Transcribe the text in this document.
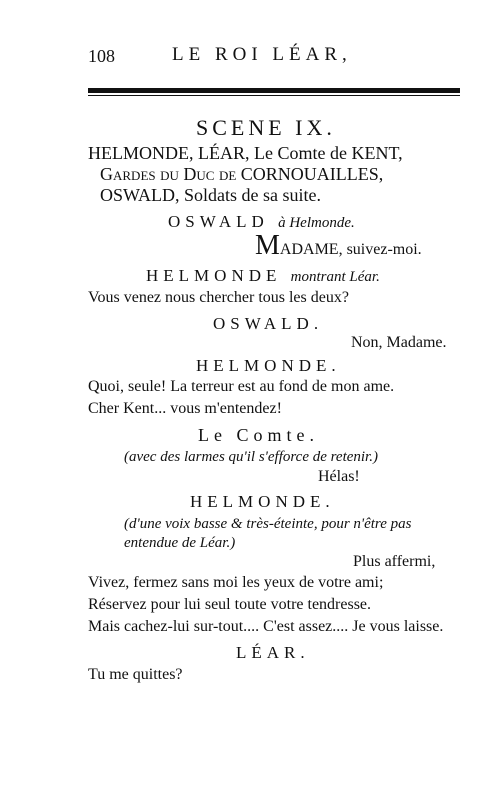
108	LE ROI LÉAR,
SCENE IX.
HELMONDE, LÉAR, Le Comte de KENT,
Gardes du Duc de CORNOUAILLES,
OSWALD, Soldats de sa suite.
OSWALD à Helmonde.
MADAME, suivez-moi.
HELMONDE montrant Léar.
Vous venez nous chercher tous les deux?
OSWALD.
Non, Madame.
HELMONDE.
Quoi, seule! La terreur est au fond de mon ame.
Cher Kent... vous m'entendez!
Le Comte.
(avec des larmes qu'il s'efforce de retenir.)
Hélas!
HELMONDE.
(d'une voix basse & très-éteinte, pour n'être pas
entendue de Léar.)
Plus affermi,
Vivez, fermez sans moi les yeux de votre ami;
Réservez pour lui seul toute votre tendresse.
Mais cachez-lui sur-tout.... C'est assez.... Je vous laisse.
LÉAR.
Tu me quittes?
